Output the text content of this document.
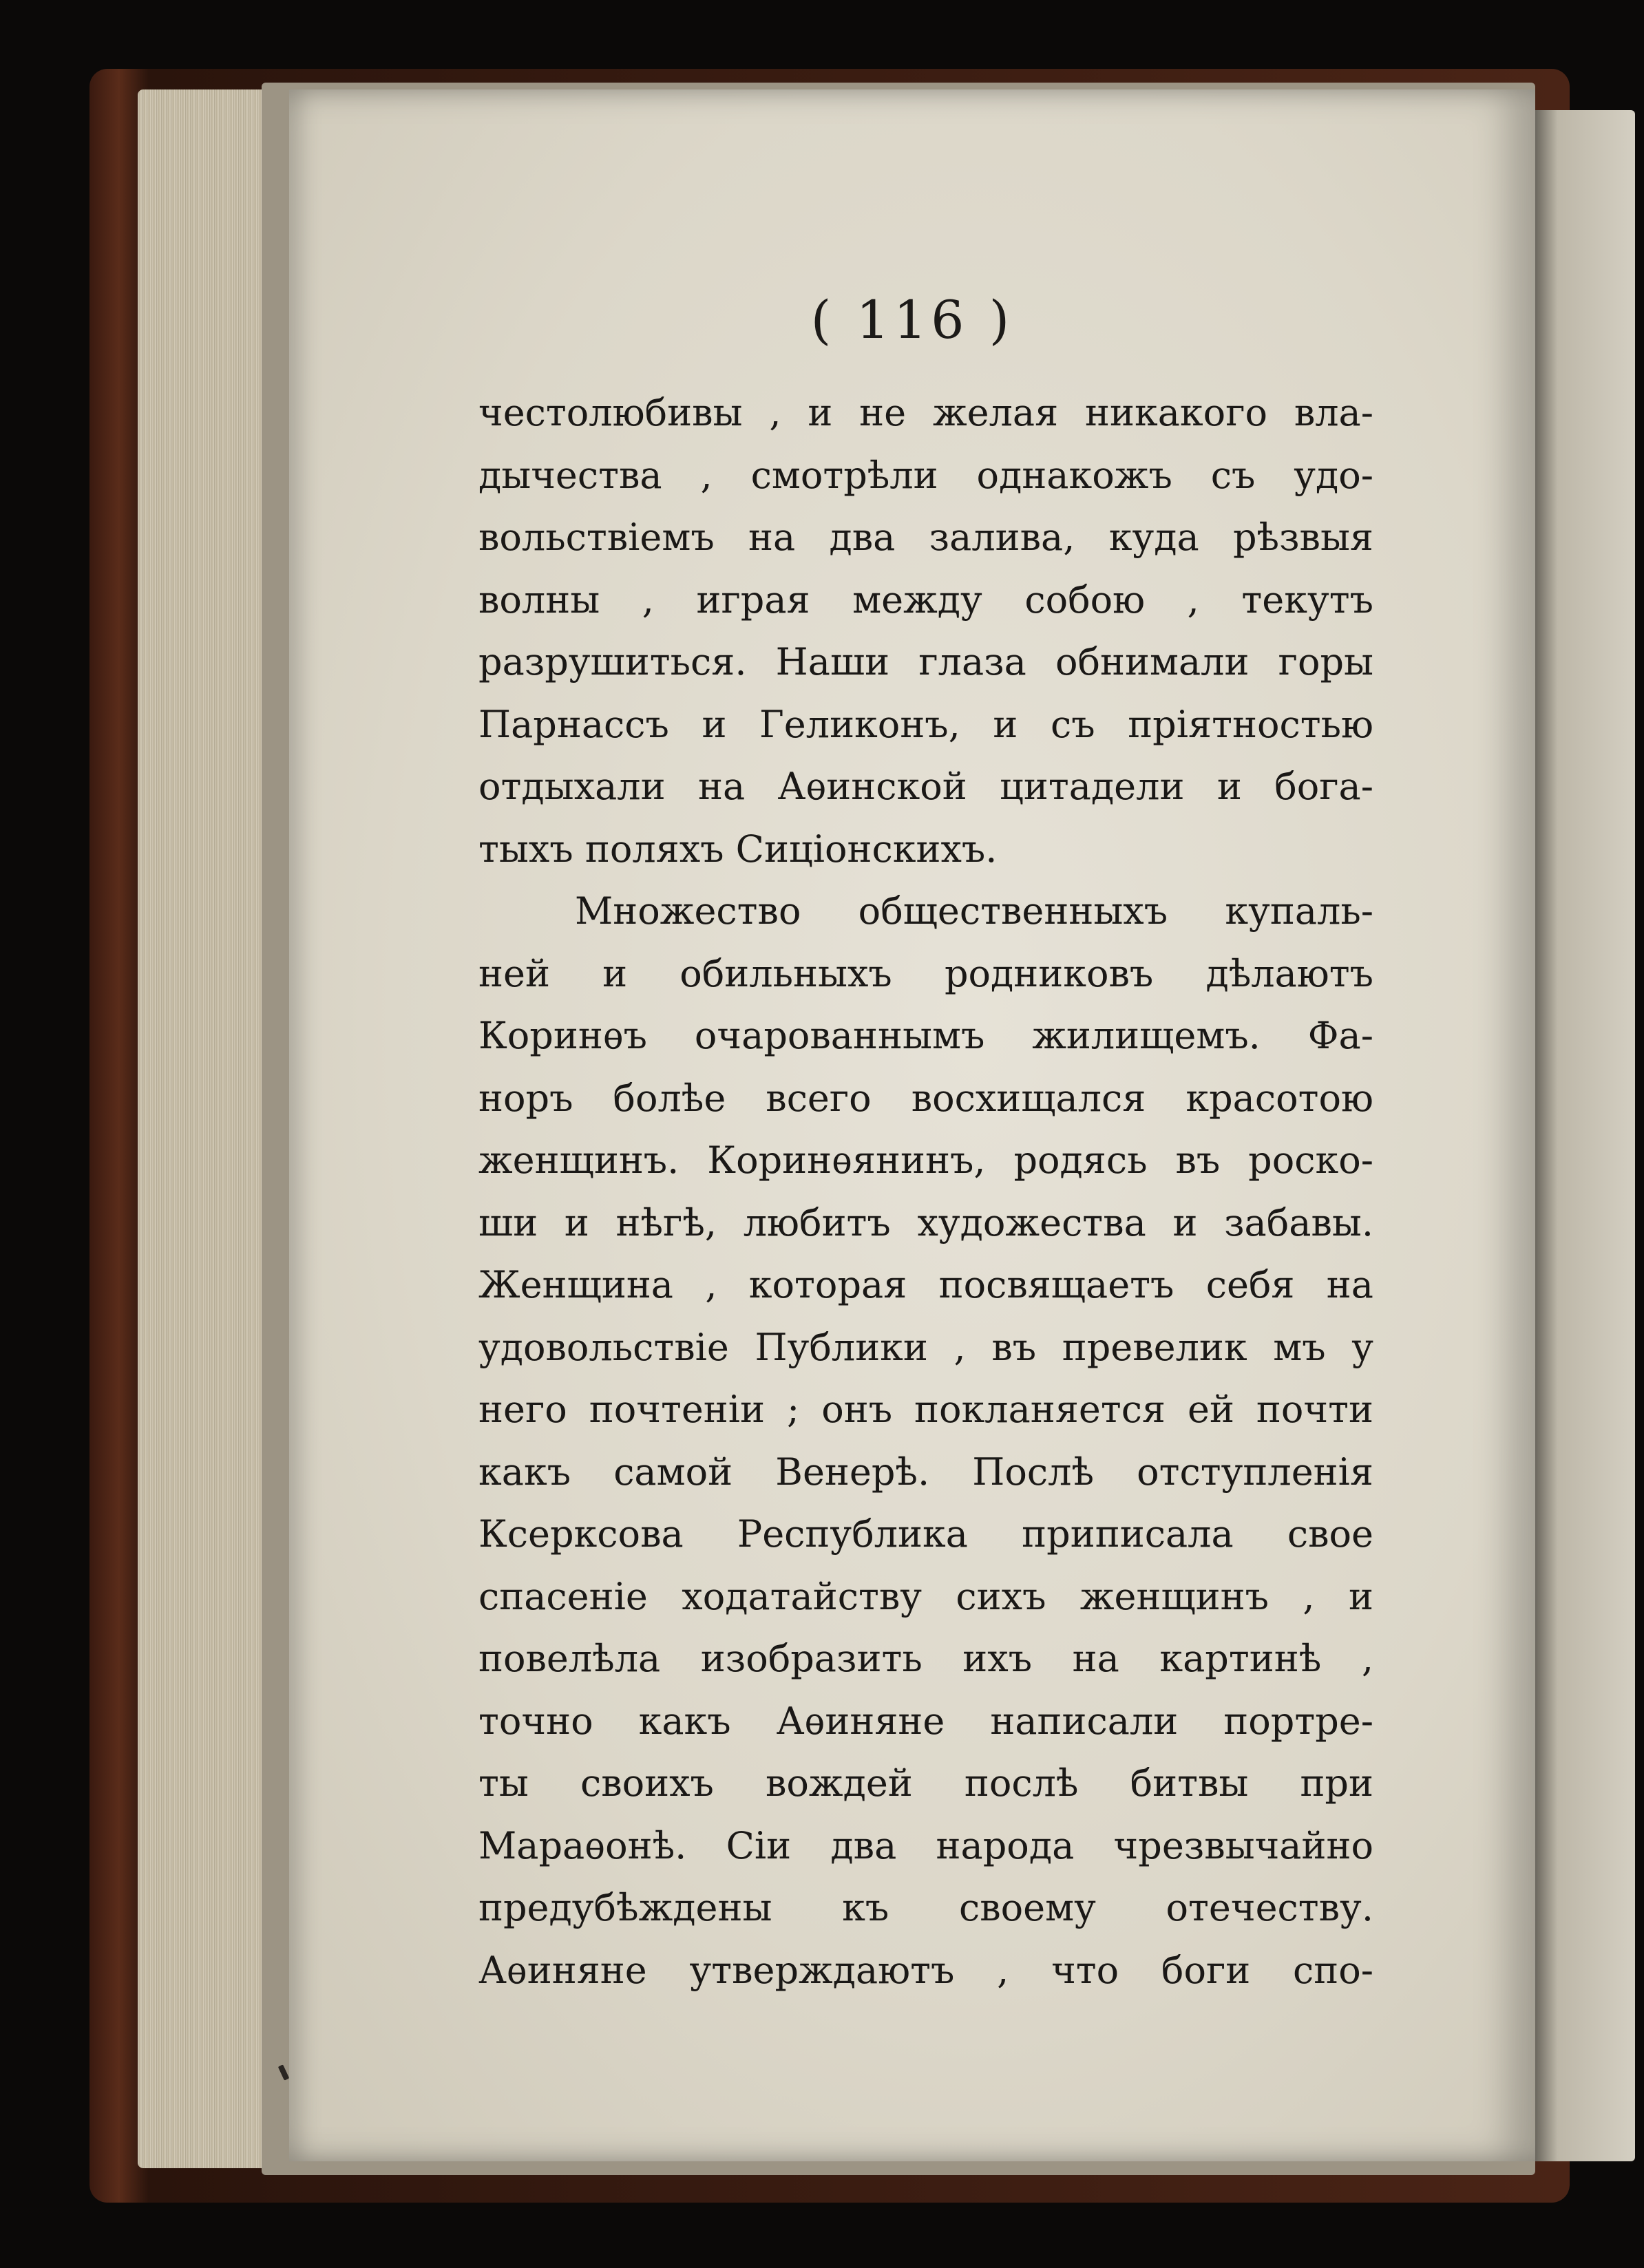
( 116 )
честолюбивы , и не желая никакого вла-
дычества , смотрѣли однакожъ съ удо-
вольствіемъ на два залива, куда рѣзвыя
волны , играя между собою , текутъ
разрушиться. Наши глаза обнимали горы
Парнассъ и Геликонъ, и съ пріятностью
отдыхали на Аѳинской цитадели и бога-
тыхъ поляхъ Сиціонскихъ.
Множество общественныхъ купаль-
ней и обильныхъ родниковъ дѣлаютъ
Коринѳъ очарованнымъ жилищемъ. Фа-
норъ болѣе всего восхищался красотою
женщинъ. Коринѳянинъ, родясь въ роско-
ши и нѣгѣ, любитъ художества и забавы.
Женщина , которая посвящаетъ себя на
удовольствіе Публики , въ превелик мъ у
него почтеніи ; онъ покланяется ей почти
какъ самой Венерѣ. Послѣ отступленія
Ксерксова Республика приписала свое
спасеніе ходатайству сихъ женщинъ , и
повелѣла изобразить ихъ на картинѣ ,
точно какъ Аѳиняне написали портре-
ты своихъ вождей послѣ битвы при
Мараѳонѣ. Сіи два народа чрезвычайно
предубѣждены къ своему отечеству.
Аѳиняне утверждаютъ , что боги спо-
